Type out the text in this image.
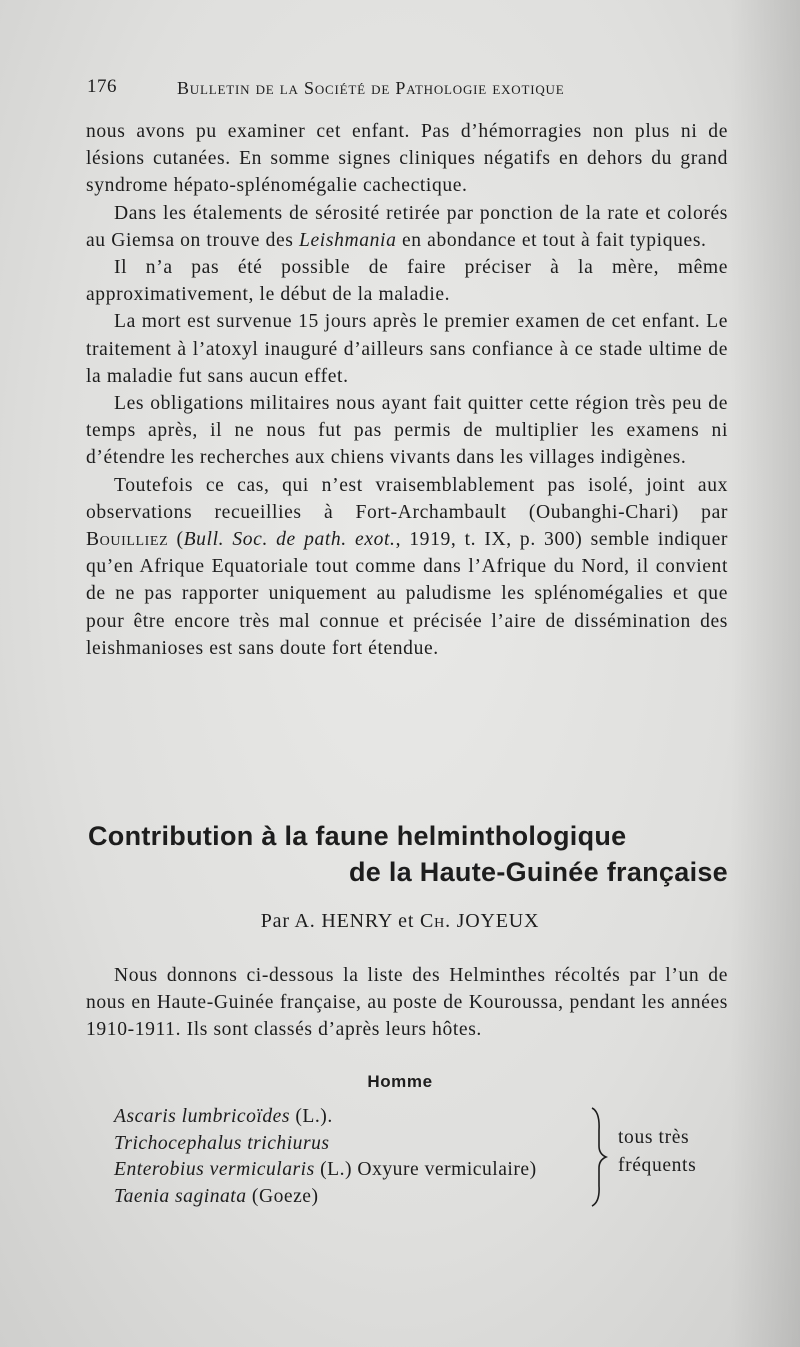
176	Bulletin de la Société de Pathologie exotique

nous avons pu examiner cet enfant. Pas d’hémorragies non plus ni de lésions cutanées. En somme signes cliniques négatifs en dehors du grand syndrome hépato-splénomégalie cachectique.

Dans les étalements de sérosité retirée par ponction de la rate et colorés au Giemsa on trouve des Leishmania en abondance et tout à fait typiques.

Il n’a pas été possible de faire préciser à la mère, même approximativement, le début de la maladie.

La mort est survenue 15 jours après le premier examen de cet enfant. Le traitement à l’atoxyl inauguré d’ailleurs sans confiance à ce stade ultime de la maladie fut sans aucun effet.

Les obligations militaires nous ayant fait quitter cette région très peu de temps après, il ne nous fut pas permis de multiplier les examens ni d’étendre les recherches aux chiens vivants dans les villages indigènes.

Toutefois ce cas, qui n’est vraisemblablement pas isolé, joint aux observations recueillies à Fort-Archambault (Oubanghi-Chari) par Bouilliez (Bull. Soc. de path. exot., 1919, t. IX, p. 300) semble indiquer qu’en Afrique Equatoriale tout comme dans l’Afrique du Nord, il convient de ne pas rapporter uniquement au paludisme les splénomégalies et que pour être encore très mal connue et précisée l’aire de dissémination des leishmanioses est sans doute fort étendue.

Contribution à la faune helminthologique
de la Haute-Guinée française
Par A. HENRY et Ch. JOYEUX

Nous donnons ci-dessous la liste des Helminthes récoltés par l’un de nous en Haute-Guinée française, au poste de Kouroussa, pendant les années 1910-1911. Ils sont classés d’après leurs hôtes.

Homme
Ascaris lumbricoïdes (L.).
Trichocephalus trichiurus
Enterobius vermicularis (L.) Oxyure vermiculaire)
Taenia saginata (Goeze)
tous très
fréquents
